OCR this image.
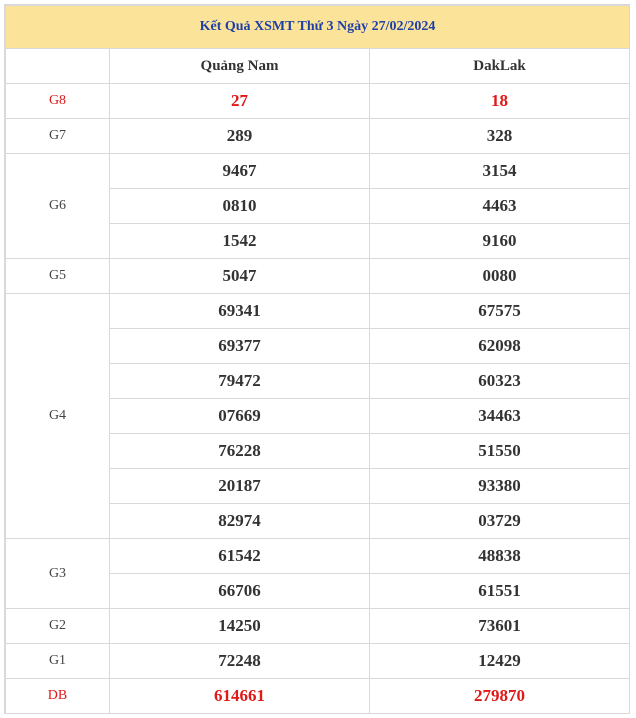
Kết Quả XSMT Thứ 3 Ngày 27/02/2024		
	Quảng Nam	DakLak
G8	27	18
G7	289	328
G6	9467	3154
	0810	4463
	1542	9160
G5	5047	0080
G4	69341	67575
	69377	62098
	79472	60323
	07669	34463
	76228	51550
	20187	93380
	82974	03729
G3	61542	48838
	66706	61551
G2	14250	73601
G1	72248	12429
DB	614661	279870
